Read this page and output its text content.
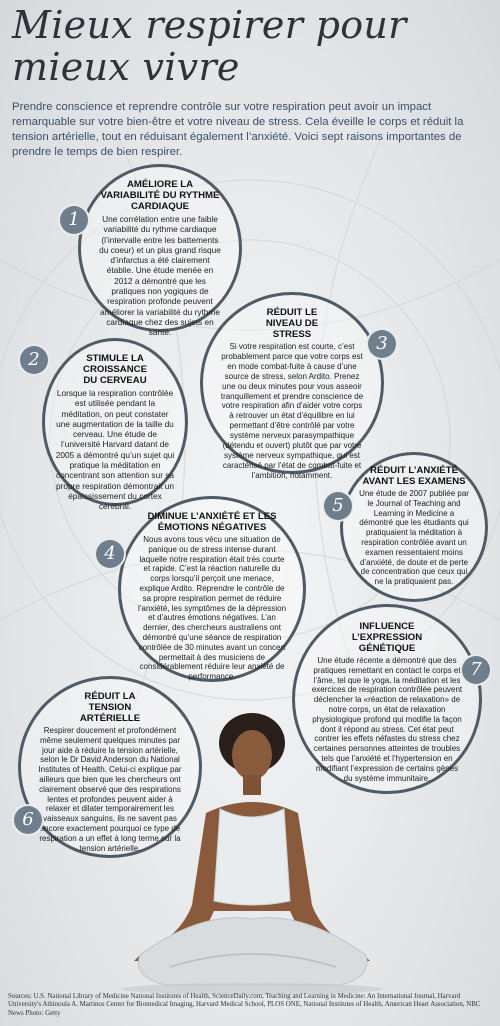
Mieux respirer pour mieux vivre

Prendre conscience et reprendre contrôle sur votre respiration peut avoir un impact remarquable sur votre bien-être et votre niveau de stress. Cela éveille le corps et réduit la tension artérielle, tout en réduisant également l’anxiété. Voici sept raisons importantes de prendre le temps de bien respirer.

AMÉLIORE LA VARIABILITÉ DU RYTHME CARDIAQUE

Une corrélation entre une faible variabilité du rythme cardiaque (l’intervalle entre les battements du coeur) et un plus grand risque d’infarctus a été clairement établie. Une étude menée en 2012 a démontré que les pratiques non yogiques de respiration profonde peuvent améliorer la variabilité du rythme cardiaque chez des sujets en santé.

1
STIMULE LA CROISSANCE DU CERVEAU

Lorsque la respiration contrôlée est utilisée pendant la méditation, on peut constater une augmentation de la taille du cerveau. Une étude de l’université Harvard datant de 2005 a démontré qu’un sujet qui pratique la méditation en concentrant son attention sur sa propre respiration démontrait un épaississement du cortex cérébral.

2
RÉDUIT LE NIVEAU DE STRESS

Si votre respiration est courte, c’est probablement parce que votre corps est en mode combat-fuite à cause d’une source de stress, selon Ardito. Prenez une ou deux minutes pour vous asseoir tranquillement et prendre conscience de votre respiration afin d’aider votre corps à retrouver un état d’équilibre en lui permettant d’être contrôlé par votre système nerveux parasympathique (détendu et ouvert) plutôt que par votre système nerveux sympathique, qui est caractérisé par l’état de combat-fuite et l’ambition, notamment.

3
DIMINUE L’ANXIÉTÉ ET LES ÉMOTIONS NÉGATIVES

Nous avons tous vécu une situation de panique ou de stress intense durant laquelle notre respiration était très courte et rapide. C’est la réaction naturelle du corps lorsqu’il perçoit une menace, explique Ardito. Reprendre le contrôle de sa propre respiration permet de réduire l’anxiété, les symptômes de la dépression et d’autres émotions négatives. L’an dernier, des chercheurs australiens ont démontré qu’une séance de respiration contrôlée de 30 minutes avant un concert permettait à des musiciens de considérablement réduire leur anxiété de performance.

4
RÉDUIT L’ANXIÉTÉ AVANT LES EXAMENS

Une étude de 2007 publiée par le Journal of Teaching and Learning in Medicine a démontré que les étudiants qui pratiquaient la méditation à respiration contrôlée avant un examen ressentaient moins d’anxiété, de doute et de perte de concentration que ceux qui ne la pratiquaient pas.

5
RÉDUIT LA TENSION ARTÉRIELLE

Respirer doucement et profondément même seulement quelques minutes par jour aide à réduire la tension artérielle, selon le Dr David Anderson du National Institutes of Health. Celui-ci explique par ailleurs que bien que les chercheurs ont clairement observé que des respirations lentes et profondes peuvent aider à relaxer et dilater temporairement les vaisseaux sanguins, ils ne savent pas encore exactement pourquoi ce type de respiration a un effet à long terme sur la tension artérielle.

6
INFLUENCE L’EXPRESSION GÉNÉTIQUE

Une étude récente a démontré que des pratiques remettant en contact le corps et l’âme, tel que le yoga, la méditation et les exercices de respiration contrôlée peuvent déclencher la «réaction de relaxation» de notre corps, un état de relaxation physiologique profond qui modifie la façon dont il répond au stress. Cet état peut contrer les effets néfastes du stress chez certaines personnes atteintes de troubles tels que l’anxiété et l’hypertension en modifiant l’expression de certains gènes du système immunitaire.

7

Sources: U.S. National Library of Medicine National Institutes of Health, ScienceDaily.com, Teaching and Learning in Medicine: An International Journal, Harvard University's Athinoula A. Martinos Center for Biomedical Imaging, Harvard Medical School, PLOS ONE, National Institutes of Health, American Heart Association, NBC News Photo: Getty
